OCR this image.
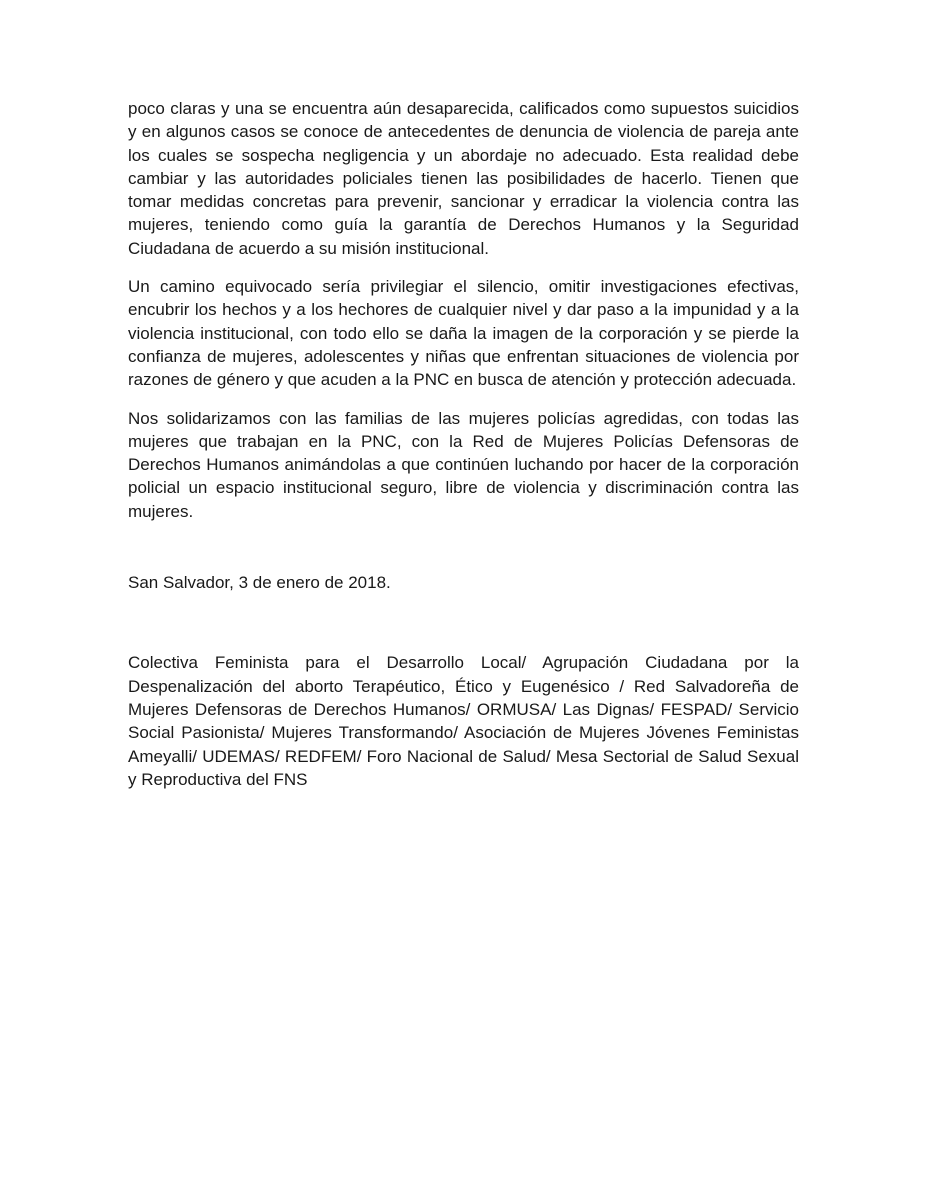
poco claras y una se encuentra aún desaparecida, calificados como supuestos suicidios y en algunos casos se conoce de antecedentes de denuncia de violencia de pareja ante los cuales se sospecha negligencia y un abordaje no adecuado. Esta realidad debe cambiar y las autoridades policiales tienen las posibilidades de hacerlo. Tienen que tomar medidas concretas para prevenir, sancionar y erradicar la violencia contra las mujeres, teniendo como guía la garantía de Derechos Humanos y la Seguridad Ciudadana de acuerdo a su misión institucional.

Un camino equivocado sería privilegiar el silencio, omitir investigaciones efectivas, encubrir los hechos y a los hechores de cualquier nivel y dar paso a la impunidad y a la violencia institucional, con todo ello se daña la imagen de la corporación y se pierde la confianza de mujeres, adolescentes y niñas que enfrentan situaciones de violencia por razones de género y que acuden a la PNC en busca de atención y protección adecuada.

Nos solidarizamos con las familias de las mujeres policías agredidas, con todas las mujeres que trabajan en la PNC, con la Red de Mujeres Policías Defensoras de Derechos Humanos animándolas a que continúen luchando por hacer de la corporación policial un espacio institucional seguro, libre de violencia y discriminación contra las mujeres.

San Salvador, 3 de enero de 2018.

Colectiva Feminista para el Desarrollo Local/ Agrupación Ciudadana por la Despenalización del aborto Terapéutico, Ético y Eugenésico / Red Salvadoreña de Mujeres Defensoras de Derechos Humanos/ ORMUSA/ Las Dignas/ FESPAD/ Servicio Social Pasionista/ Mujeres Transformando/ Asociación de Mujeres Jóvenes Feministas Ameyalli/ UDEMAS/ REDFEM/ Foro Nacional de Salud/ Mesa Sectorial de Salud Sexual y Reproductiva del FNS
